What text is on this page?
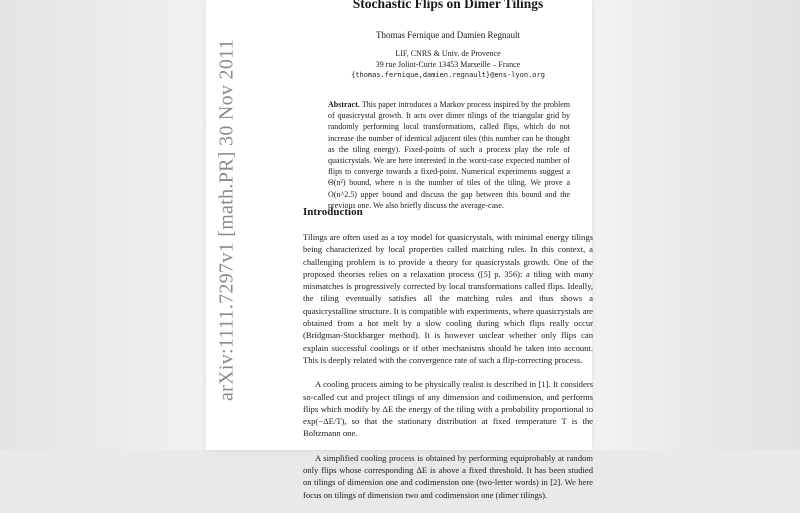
Stochastic Flips on Dimer Tilings
Thomas Fernique and Damien Regnault
LIF, CNRS & Univ. de Provence
39 rue Joliot-Curie 13453 Marseille – France
{thomas.fernique,damien.regnault}@ens-lyon.org
Abstract. This paper introduces a Markov process inspired by the problem of quasicrystal growth. It acts over dimer tilings of the triangular grid by randomly performing local transformations, called flips, which do not increase the number of identical adjacent tiles (this number can be thought as the tiling energy). Fixed-points of such a process play the role of quasicrystals. We are here interested in the worst-case expected number of flips to converge towards a fixed-point. Numerical experiments suggest a Θ(n²) bound, where n is the number of tiles of the tiling. We prove a O(n^2.5) upper bound and discuss the gap between this bound and the previous one. We also briefly discuss the average-case.
Introduction

Tilings are often used as a toy model for quasicrystals, with minimal energy tilings being characterized by local properties called matching rules. In this context, a challenging problem is to provide a theory for quasicrystals growth. One of the proposed theories relies on a relaxation process ([5] p. 356): a tiling with many mismatches is progressively corrected by local transformations called flips. Ideally, the tiling eventually satisfies all the matching rules and thus shows a quasicrystalline structure. It is compatible with experiments, where quasicrystals are obtained from a hot melt by a slow cooling during which flips really occur (Bridgman-Stockbarger method). It is however unclear whether only flips can explain successful coolings or if other mechanisms should be taken into account. This is deeply related with the convergence rate of such a flip-correcting process.

A cooling process aiming to be physically realist is described in [1]. It considers so-called cut and project tilings of any dimension and codimension, and performs flips which modify by ΔE the energy of the tiling with a probability proportional to exp(−ΔE/T), so that the stationary distribution at fixed temperature T is the Boltzmann one.

A simplified cooling process is obtained by performing equiprobably at random only flips whose corresponding ΔE is above a fixed threshold. It has been studied on tilings of dimension one and codimension one (two-letter words) in [2]. We here focus on tilings of dimension two and codimension one (dimer tilings).

arXiv:1111.7297v1 [math.PR] 30 Nov 2011
